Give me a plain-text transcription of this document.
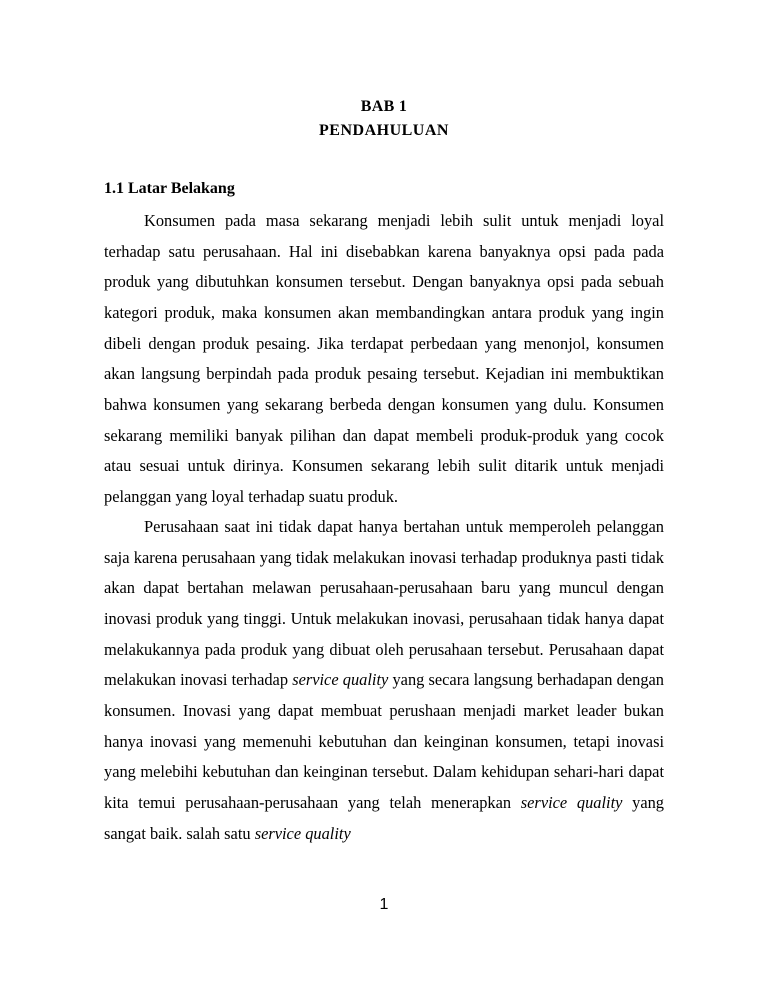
BAB 1
PENDAHULUAN
1.1 Latar Belakang

Konsumen pada masa sekarang menjadi lebih sulit untuk menjadi loyal terhadap satu perusahaan. Hal ini disebabkan karena banyaknya opsi pada pada produk yang dibutuhkan konsumen tersebut. Dengan banyaknya opsi pada sebuah kategori produk, maka konsumen akan membandingkan antara produk yang ingin dibeli dengan produk pesaing. Jika terdapat perbedaan yang menonjol, konsumen akan langsung berpindah pada produk pesaing tersebut. Kejadian ini membuktikan bahwa konsumen yang sekarang berbeda dengan konsumen yang dulu. Konsumen sekarang memiliki banyak pilihan dan dapat membeli produk-produk yang cocok atau sesuai untuk dirinya. Konsumen sekarang lebih sulit ditarik untuk menjadi pelanggan yang loyal terhadap suatu produk.

Perusahaan saat ini tidak dapat hanya bertahan untuk memperoleh pelanggan saja karena perusahaan yang tidak melakukan inovasi terhadap produknya pasti tidak akan dapat bertahan melawan perusahaan-perusahaan baru yang muncul dengan inovasi produk yang tinggi. Untuk melakukan inovasi, perusahaan tidak hanya dapat melakukannya pada produk yang dibuat oleh perusahaan tersebut. Perusahaan dapat melakukan inovasi terhadap service quality yang secara langsung berhadapan dengan konsumen. Inovasi yang dapat membuat perushaan menjadi market leader bukan hanya inovasi yang memenuhi kebutuhan dan keinginan konsumen, tetapi inovasi yang melebihi kebutuhan dan keinginan tersebut. Dalam kehidupan sehari-hari dapat kita temui perusahaan-perusahaan yang telah menerapkan service quality yang sangat baik. salah satu service quality

1
